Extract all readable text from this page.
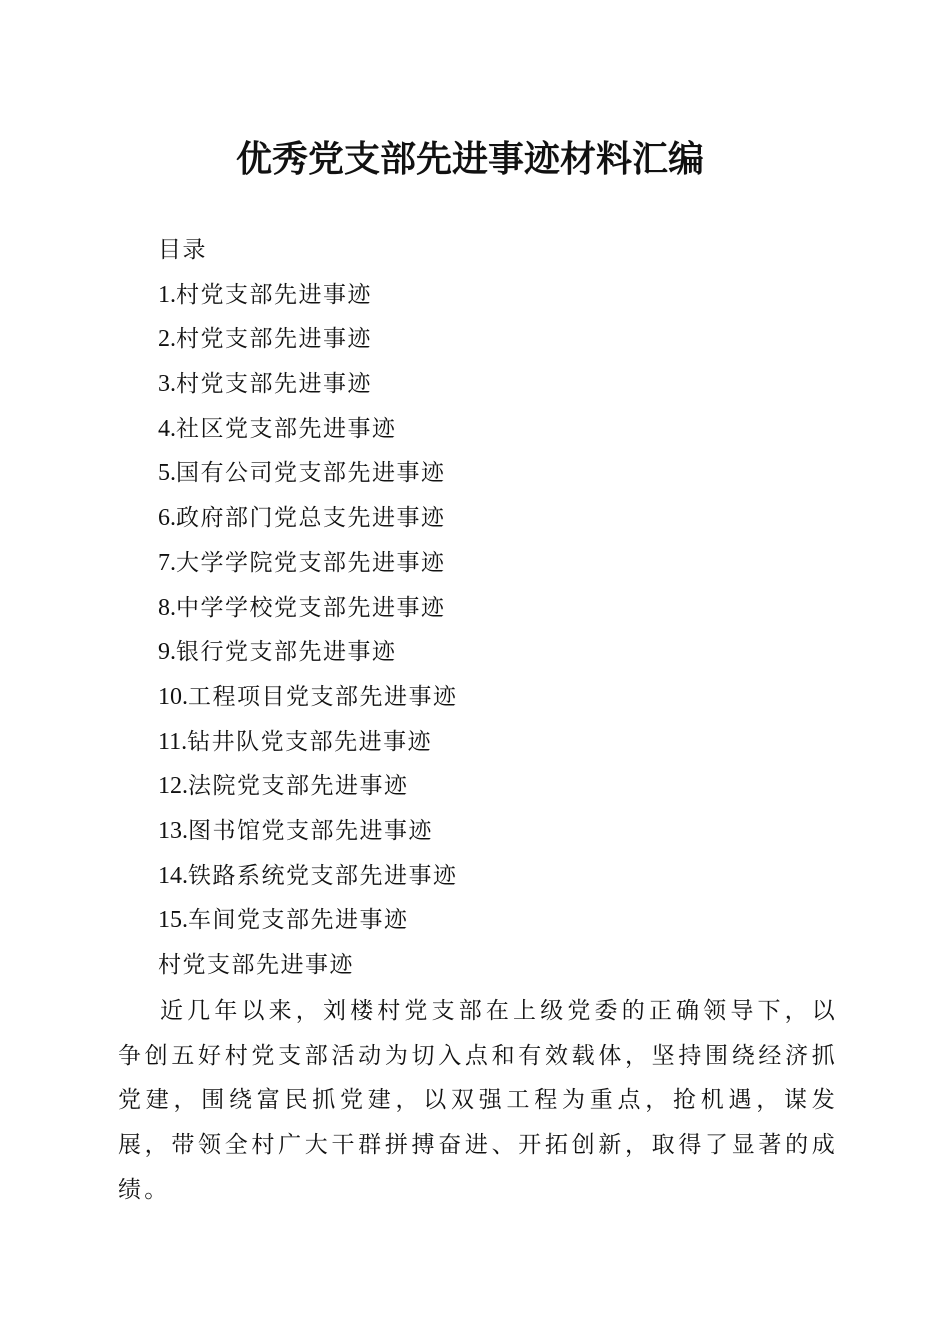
优秀党支部先进事迹材料汇编
目录
1. 村党支部先进事迹
2. 村党支部先进事迹
3. 村党支部先进事迹
4. 社区党支部先进事迹
5. 国有公司党支部先进事迹
6. 政府部门党总支先进事迹
7. 大学学院党支部先进事迹
8. 中学学校党支部先进事迹
9. 银行党支部先进事迹
10. 工程项目党支部先进事迹
11. 钻井队党支部先进事迹
12. 法院党支部先进事迹
13. 图书馆党支部先进事迹
14. 铁路系统党支部先进事迹
15. 车间党支部先进事迹
村党支部先进事迹
近几年以来，刘楼村党支部在上级党委的正确领导下，以争创五好村党支部活动为切入点和有效载体，坚持围绕经济抓党建，围绕富民抓党建，以双强工程为重点，抢机遇，谋发展，带领全村广大干群拼搏奋进、开拓创新，取得了显著的成绩。
